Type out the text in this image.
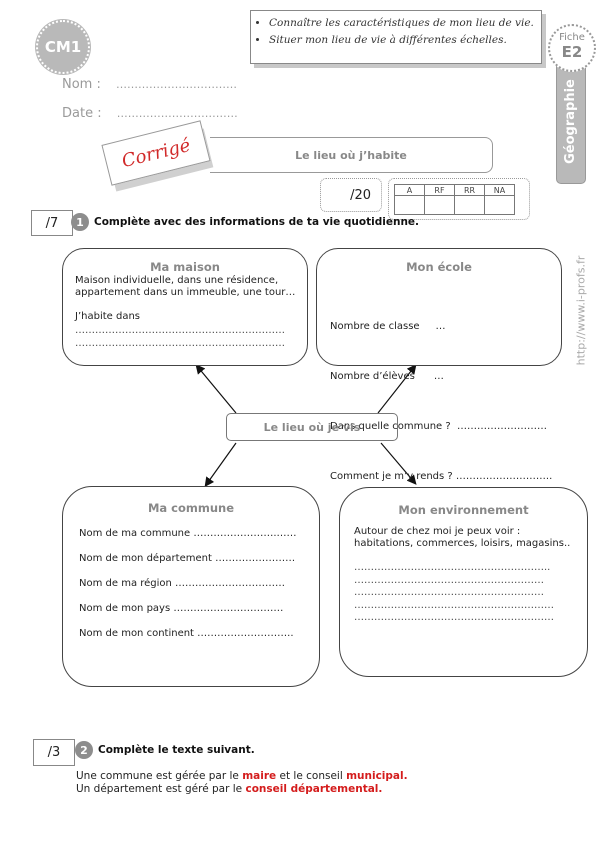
CM1
Nom : ……………………………
Date : ……………………………
• Connaître les caractéristiques de mon lieu de vie.
• Situer mon lieu de vie à différentes échelles.
Géographie
Fiche
E2
http://www.i-profs.fr
Corrigé	Le lieu où j’habite
/20	A	RF	RR	NA

/7	1 Complète avec des informations de ta vie quotidienne.
Ma maison
Maison individuelle, dans une résidence,
appartement dans un immeuble, une tour…
J’habite dans
………………………………………………………
………………………………………………………
Mon école

Nombre de classe     …

Nombre d’élèves      …

Dans quelle commune ?  ………………………

Comment je m’y rends ? ………………………..

Le lieu où je vis
Ma commune
Nom de ma commune …………………….……
Nom de mon département ……………………
Nom de ma région ……………………………
Nom de mon pays ……………………………
Nom de mon continent ………………………..
Mon environnement
Autour de chez moi je peux voir :
habitations, commerces, loisirs, magasins..
…………………………………………………..
…………………………………………………
…………………………………………………
……………………………………………………
……………………………………………………
/3	2 Complète le texte suivant.
Une commune est gérée par le maire et le conseil municipal.
Un département est géré par le conseil départemental.
